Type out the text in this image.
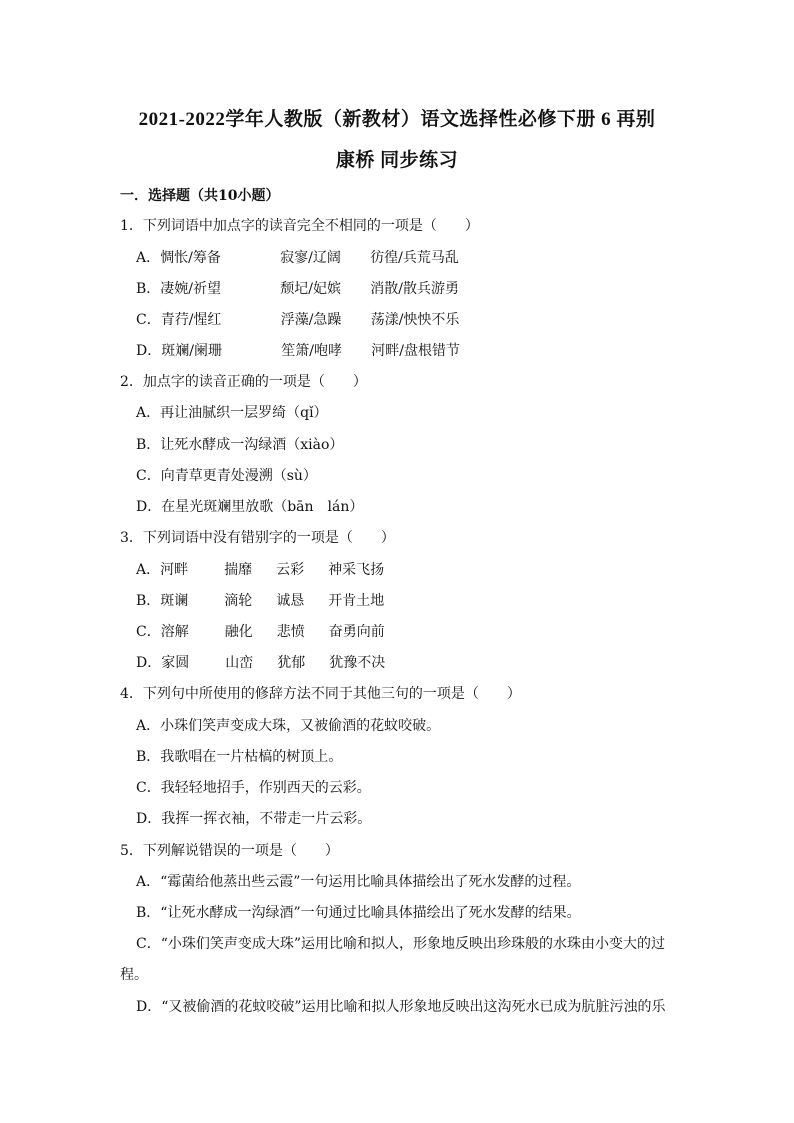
2021-2022学年人教版（新教材）语文选择性必修下册 6 再别
康桥 同步练习
一．选择题（共10小题）
1．下列词语中加点字的读音完全不相同的一项是（　　）
A．惆怅/筹备	寂寥/辽阔 彷徨/兵荒马乱
B．凄婉/祈望	颓圮/妃嫔 消散/散兵游勇
C．青荇/惺红	浮藻/急躁 荡漾/怏怏不乐
D．斑斓/阑珊	笙箫/咆哮 河畔/盘根错节
2．加点字的读音正确的一项是（　　）
A．再让油腻织一层罗绮（qǐ）
B．让死水酵成一沟绿酒（xiào）
C．向青草更青处漫溯（sù）
D．在星光斑斓里放歌（bān　lán）
3．下列词语中没有错别字的一项是（　　）
A．河畔	揣靡 云彩 神采飞扬
B．斑谰	滴轮 诚恳 开肯土地
C．溶解	融化 悲愤 奋勇向前
D．家圆	山峦 犹郁 犹豫不决
4．下列句中所使用的修辞方法不同于其他三句的一项是（　　）
A．小珠们笑声变成大珠，又被偷酒的花蚊咬破。
B．我歌唱在一片枯槁的树顶上。
C．我轻轻地招手，作别西天的云彩。
D．我挥一挥衣袖，不带走一片云彩。
5．下列解说错误的一项是（　　）
A．“霉菌给他蒸出些云霞”一句运用比喻具体描绘出了死水发酵的过程。
B．“让死水酵成一沟绿酒”一句通过比喻具体描绘出了死水发酵的结果。
C．“小珠们笑声变成大珠”运用比喻和拟人，形象地反映出珍珠般的水珠由小变大的过
程。
D．“又被偷酒的花蚊咬破”运用比喻和拟人形象地反映出这沟死水已成为肮脏污浊的乐
